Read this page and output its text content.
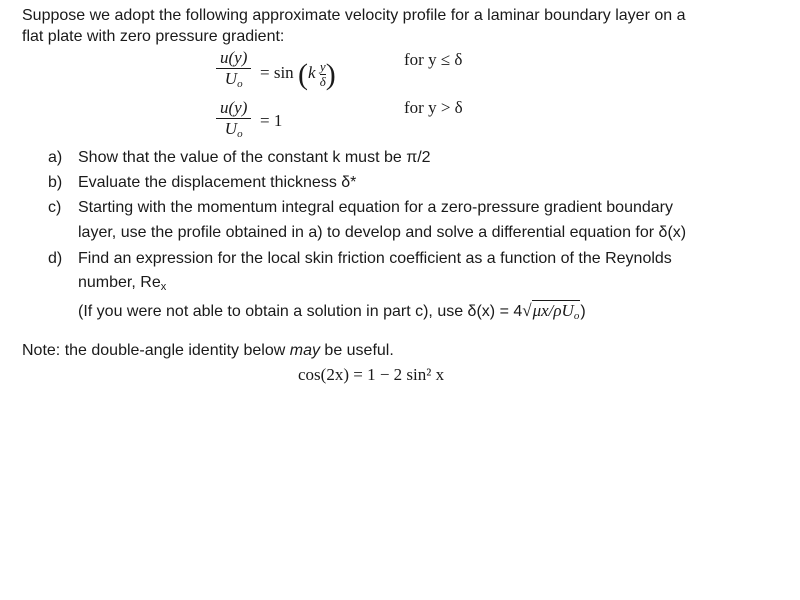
Suppose we adopt the following approximate velocity profile for a laminar boundary layer on a
flat plate with zero pressure gradient:
u(y)
Uo
= $\sin (k \frac{y}{\delta}$ )	for y ≤ δ
u(y)
Uo
= 1
for y > δ
a) Show that the value of the constant k must be π/2
b) Evaluate the displacement thickness δ*
c) Starting with the momentum integral equation for a zero-pressure gradient boundary
layer, use the profile obtained in a) to develop and solve a differential equation for δ(x)
d) Find an expression for the local skin friction coefficient as a function of the Reynolds
number, Rex
(If you were not able to obtain a solution in part c), use δ(x) = 4√μx/ρUo)
Note: the double-angle identity below may be useful.
cos(2x) = 1 − 2 sin² x
